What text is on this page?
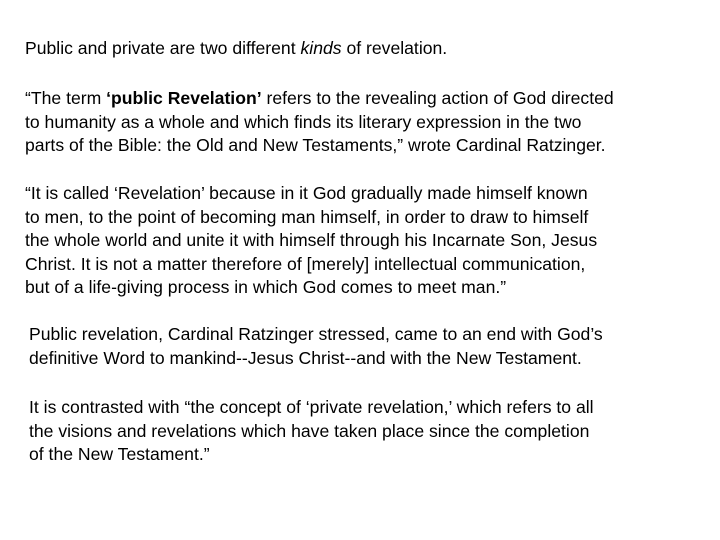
Public and private are two different kinds of revelation.
“The term ‘public Revelation’ refers to the revealing action of God directed
to humanity as a whole and which finds its literary expression in the two
parts of the Bible: the Old and New Testaments,” wrote Cardinal Ratzinger.
“It is called ‘Revelation’ because in it God gradually made himself known
to men, to the point of becoming man himself, in order to draw to himself
the whole world and unite it with himself through his Incarnate Son, Jesus
Christ. It is not a matter therefore of [merely] intellectual communication,
but of a life-giving process in which God comes to meet man.”
Public revelation, Cardinal Ratzinger stressed, came to an end with God’s
definitive Word to mankind--Jesus Christ--and with the New Testament.
It is contrasted with “the concept of ‘private revelation,’ which refers to all
the visions and revelations which have taken place since the completion
of the New Testament.”
